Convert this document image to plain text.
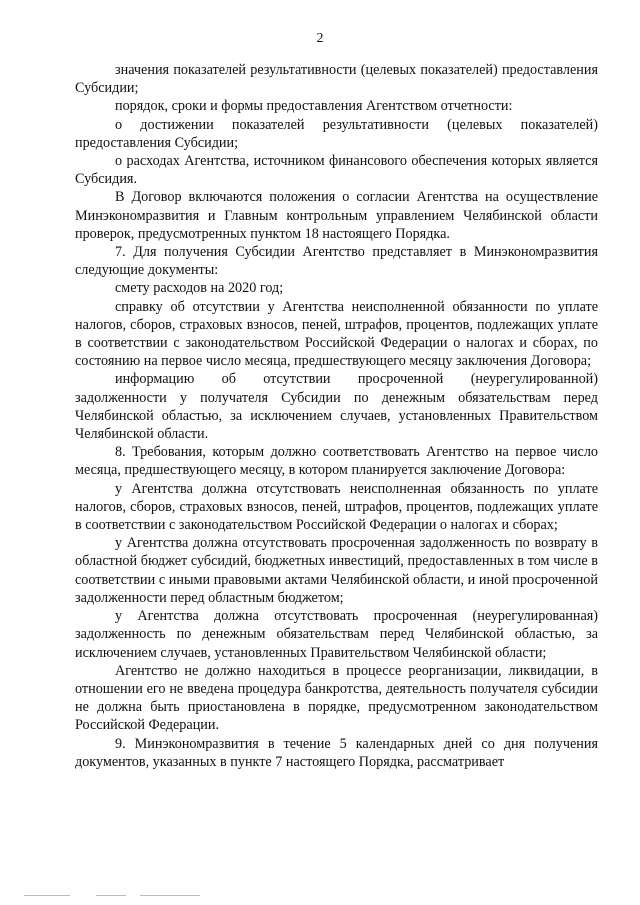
2

значения показателей результативности (целевых показателей) предоставления Субсидии;

порядок, сроки и формы предоставления Агентством отчетности:

о достижении показателей результативности (целевых показателей) предоставления Субсидии;

о расходах Агентства, источником финансового обеспечения которых является Субсидия.

В Договор включаются положения о согласии Агентства на осуществление Минэкономразвития и Главным контрольным управлением Челябинской области проверок, предусмотренных пунктом 18 настоящего Порядка.

7. Для получения Субсидии Агентство представляет в Минэкономразвития следующие документы:

смету расходов на 2020 год;

справку об отсутствии у Агентства неисполненной обязанности по уплате налогов, сборов, страховых взносов, пеней, штрафов, процентов, подлежащих уплате в соответствии с законодательством Российской Федерации о налогах и сборах, по состоянию на первое число месяца, предшествующего месяцу заключения Договора;

информацию об отсутствии просроченной (неурегулированной) задолженности у получателя Субсидии по денежным обязательствам перед Челябинской областью, за исключением случаев, установленных Правительством Челябинской области.

8. Требования, которым должно соответствовать Агентство на первое число месяца, предшествующего месяцу, в котором планируется заключение Договора:

у Агентства должна отсутствовать неисполненная обязанность по уплате налогов, сборов, страховых взносов, пеней, штрафов, процентов, подлежащих уплате в соответствии с законодательством Российской Федерации о налогах и сборах;

у Агентства должна отсутствовать просроченная задолженность по возврату в областной бюджет субсидий, бюджетных инвестиций, предоставленных в том числе в соответствии с иными правовыми актами Челябинской области, и иной просроченной задолженности перед областным бюджетом;

у Агентства должна отсутствовать просроченная (неурегулированная) задолженность по денежным обязательствам перед Челябинской областью, за исключением случаев, установленных Правительством Челябинской области;

Агентство не должно находиться в процессе реорганизации, ликвидации, в отношении его не введена процедура банкротства, деятельность получателя субсидии не должна быть приостановлена в порядке, предусмотренном законодательством Российской Федерации.

9. Минэкономразвития в течение 5 календарных дней со дня получения документов, указанных в пункте 7 настоящего Порядка, рассматривает
